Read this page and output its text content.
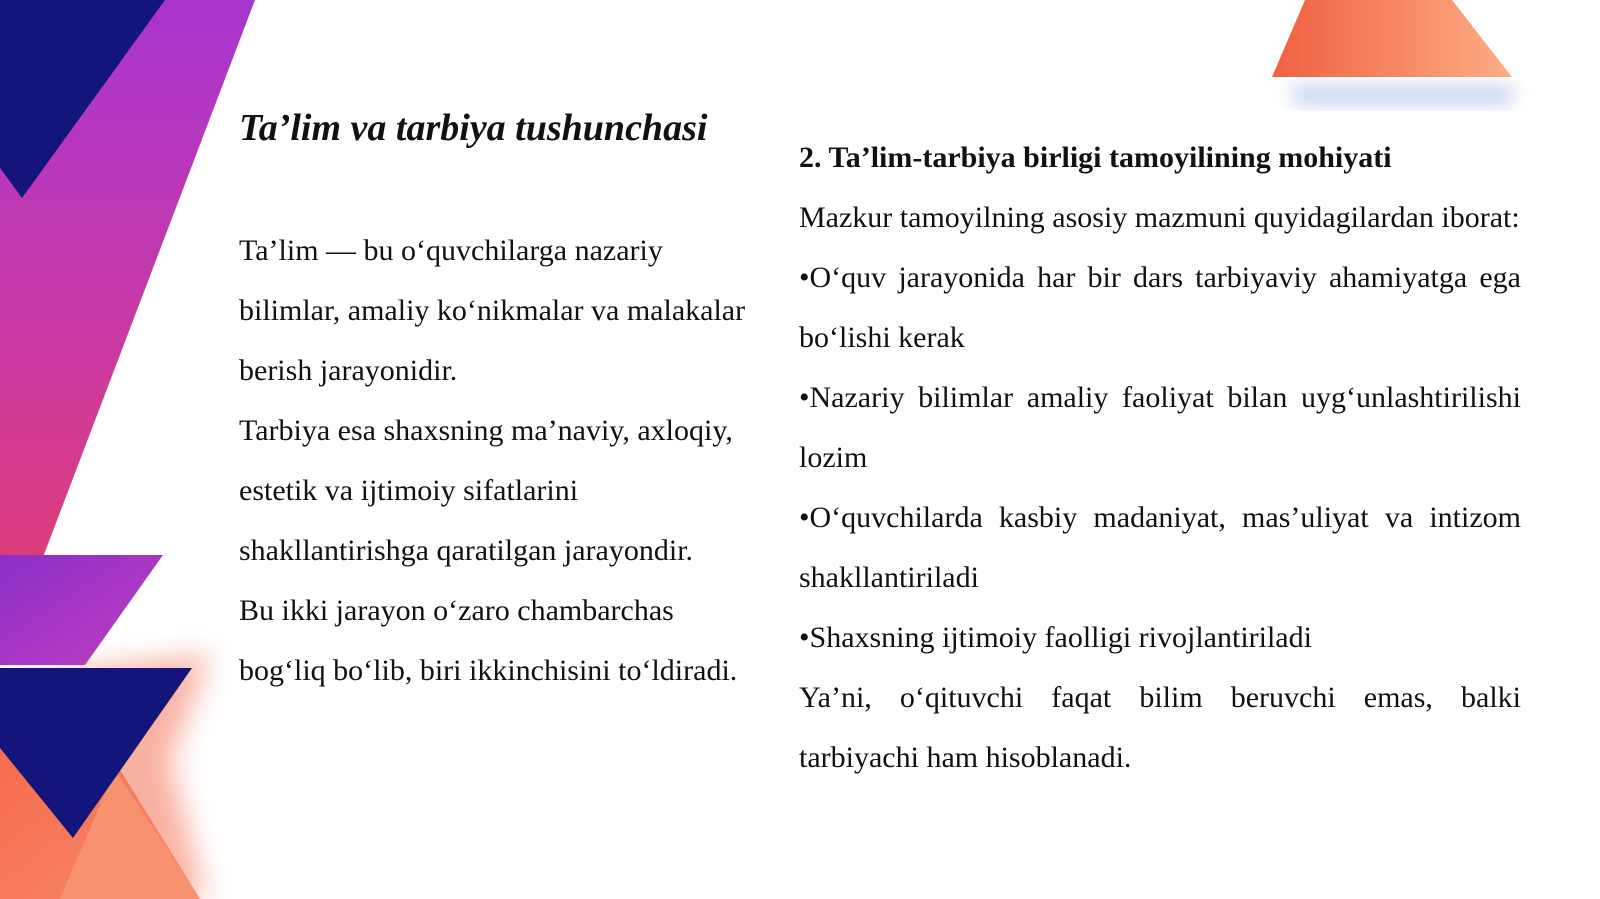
Ta’lim va tarbiya tushunchasi

Ta’lim — bu o‘quvchilarga nazariy bilimlar, amaliy ko‘nikmalar va malakalar berish jarayonidir.

Tarbiya esa shaxsning ma’naviy, axloqiy, estetik va ijtimoiy sifatlarini shakllantirishga qaratilgan jarayondir.

Bu ikki jarayon o‘zaro chambarchas bog‘liq bo‘lib, biri ikkinchisini to‘ldiradi.

2. Ta’lim-tarbiya birligi tamoyilining mohiyati

Mazkur tamoyilning asosiy mazmuni quyidagilardan iborat:

•O‘quv jarayonida har bir dars tarbiyaviy ahamiyatga ega bo‘lishi kerak

•Nazariy bilimlar amaliy faoliyat bilan uyg‘unlashtirilishi lozim

•O‘quvchilarda kasbiy madaniyat, mas’uliyat va intizom shakllantiriladi

•Shaxsning ijtimoiy faolligi rivojlantiriladi

Ya’ni, o‘qituvchi faqat bilim beruvchi emas, balki tarbiyachi ham hisoblanadi.
